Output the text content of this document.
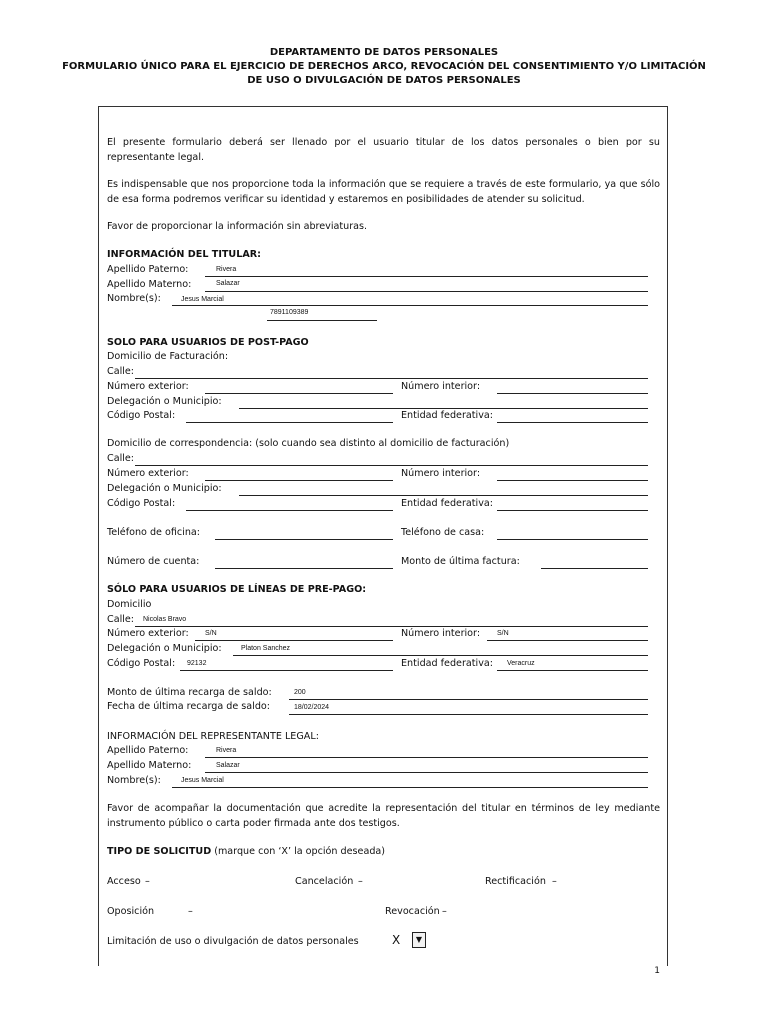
DEPARTAMENTO DE DATOS PERSONALES
FORMULARIO ÚNICO PARA EL EJERCICIO DE DERECHOS ARCO, REVOCACIÓN DEL CONSENTIMIENTO Y/O LIMITACIÓN
DE USO O DIVULGACIÓN DE DATOS PERSONALES
El presente formulario deberá ser llenado por el usuario titular de los datos personales o bien por su representante legal.
Es indispensable que nos proporcione toda la información que se requiere a través de este formulario, ya que sólo de esa forma podremos verificar su identidad y estaremos en posibilidades de atender su solicitud.
Favor de proporcionar la información sin abreviaturas.
INFORMACIÓN DEL TITULAR:
Apellido Paterno:	Rivera
Apellido Materno:	Salazar
Nombre(s):	Jesus Marcial
7891109389
SOLO PARA USUARIOS DE POST-PAGO
Domicilio de Facturación:
Calle:
Número exterior:	Número interior:
Delegación o Municipio:
Código Postal:	Entidad federativa:
Domicilio de correspondencia: (solo cuando sea distinto al domicilio de facturación)
Calle:
Número exterior:	Número interior:
Delegación o Municipio:
Código Postal:	Entidad federativa:
Teléfono de oficina:	Teléfono de casa:
Número de cuenta:	Monto de última factura:
SÓLO PARA USUARIOS DE LÍNEAS DE PRE-PAGO:
Domicilio
Calle: Nicolas Bravo
Número exterior: S/N	Número interior: S/N
Delegación o Municipio:	Platon Sanchez
Código Postal: 92132	Entidad federativa: Veracruz
Monto de última recarga de saldo:	200
Fecha de última recarga de saldo:	18/02/2024
INFORMACIÓN DEL REPRESENTANTE LEGAL:
Apellido Paterno:	Rivera
Apellido Materno:	Salazar
Nombre(s):	Jesus Marcial
Favor de acompañar la documentación que acredite la representación del titular en términos de ley mediante instrumento público o carta poder firmada ante dos testigos.
TIPO DE SOLICITUD (marque con ‘X’ la opción deseada)
Acceso –	Cancelación –	Rectificación –
Oposición	–	Revocación –
Limitación de uso o divulgación de datos personales	X	▼
1
